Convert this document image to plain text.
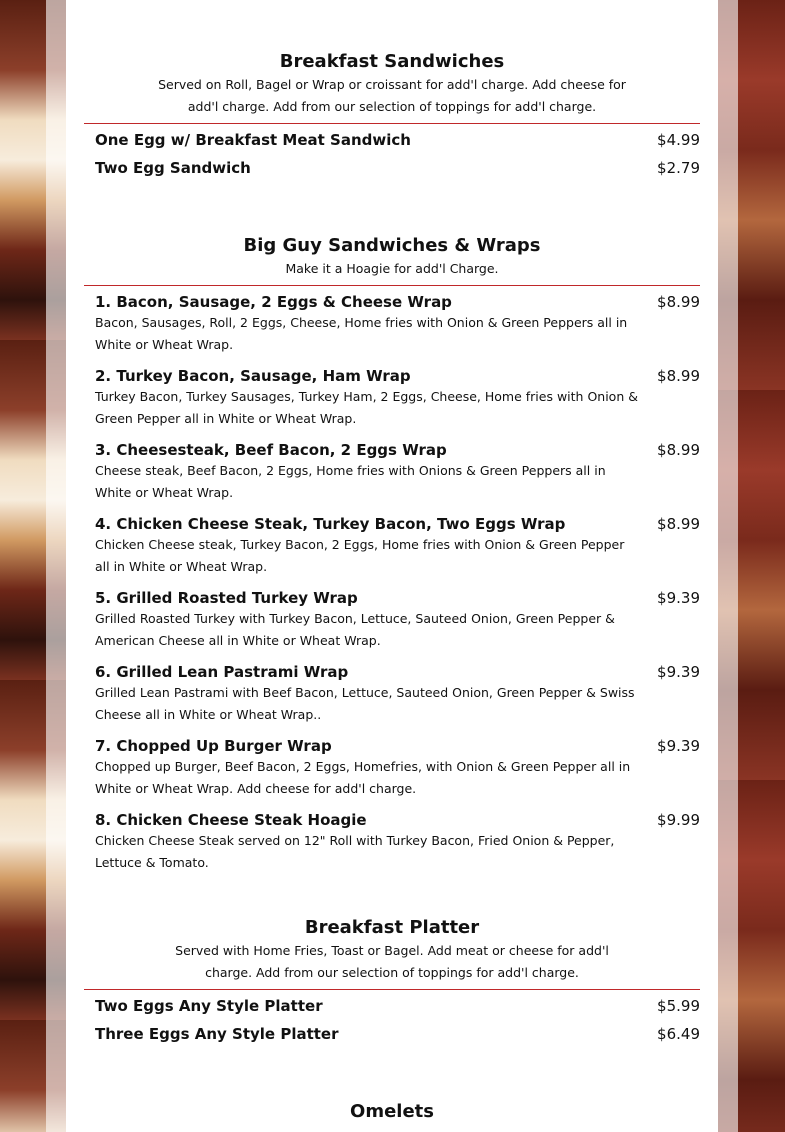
Breakfast Sandwiches
Served on Roll, Bagel or Wrap or croissant for add'l charge. Add cheese for add'l charge. Add from our selection of toppings for add'l charge.
One Egg w/ Breakfast Meat Sandwich	$4.99
Two Egg Sandwich	$2.79
Big Guy Sandwiches & Wraps
Make it a Hoagie for add'l Charge.
1. Bacon, Sausage, 2 Eggs & Cheese Wrap	$8.99
Bacon, Sausages, Roll, 2 Eggs, Cheese, Home fries with Onion & Green Peppers all in White or Wheat Wrap.
2. Turkey Bacon, Sausage, Ham Wrap	$8.99
Turkey Bacon, Turkey Sausages, Turkey Ham, 2 Eggs, Cheese, Home fries with Onion & Green Pepper all in White or Wheat Wrap.
3. Cheesesteak, Beef Bacon, 2 Eggs Wrap	$8.99
Cheese steak, Beef Bacon, 2 Eggs, Home fries with Onions & Green Peppers all in White or Wheat Wrap.
4. Chicken Cheese Steak, Turkey Bacon, Two Eggs Wrap	$8.99
Chicken Cheese steak, Turkey Bacon, 2 Eggs, Home fries with Onion & Green Pepper all in White or Wheat Wrap.
5. Grilled Roasted Turkey Wrap	$9.39
Grilled Roasted Turkey with Turkey Bacon, Lettuce, Sauteed Onion, Green Pepper & American Cheese all in White or Wheat Wrap.
6. Grilled Lean Pastrami Wrap	$9.39
Grilled Lean Pastrami with Beef Bacon, Lettuce, Sauteed Onion, Green Pepper & Swiss Cheese all in White or Wheat Wrap..
7. Chopped Up Burger Wrap	$9.39
Chopped up Burger, Beef Bacon, 2 Eggs, Homefries, with Onion & Green Pepper all in White or Wheat Wrap. Add cheese for add'l charge.
8. Chicken Cheese Steak Hoagie	$9.99
Chicken Cheese Steak served on 12" Roll with Turkey Bacon, Fried Onion & Pepper, Lettuce & Tomato.
Breakfast Platter
Served with Home Fries, Toast or Bagel. Add meat or cheese for add'l charge. Add from our selection of toppings for add'l charge.
Two Eggs Any Style Platter	$5.99
Three Eggs Any Style Platter	$6.49
Omelets
